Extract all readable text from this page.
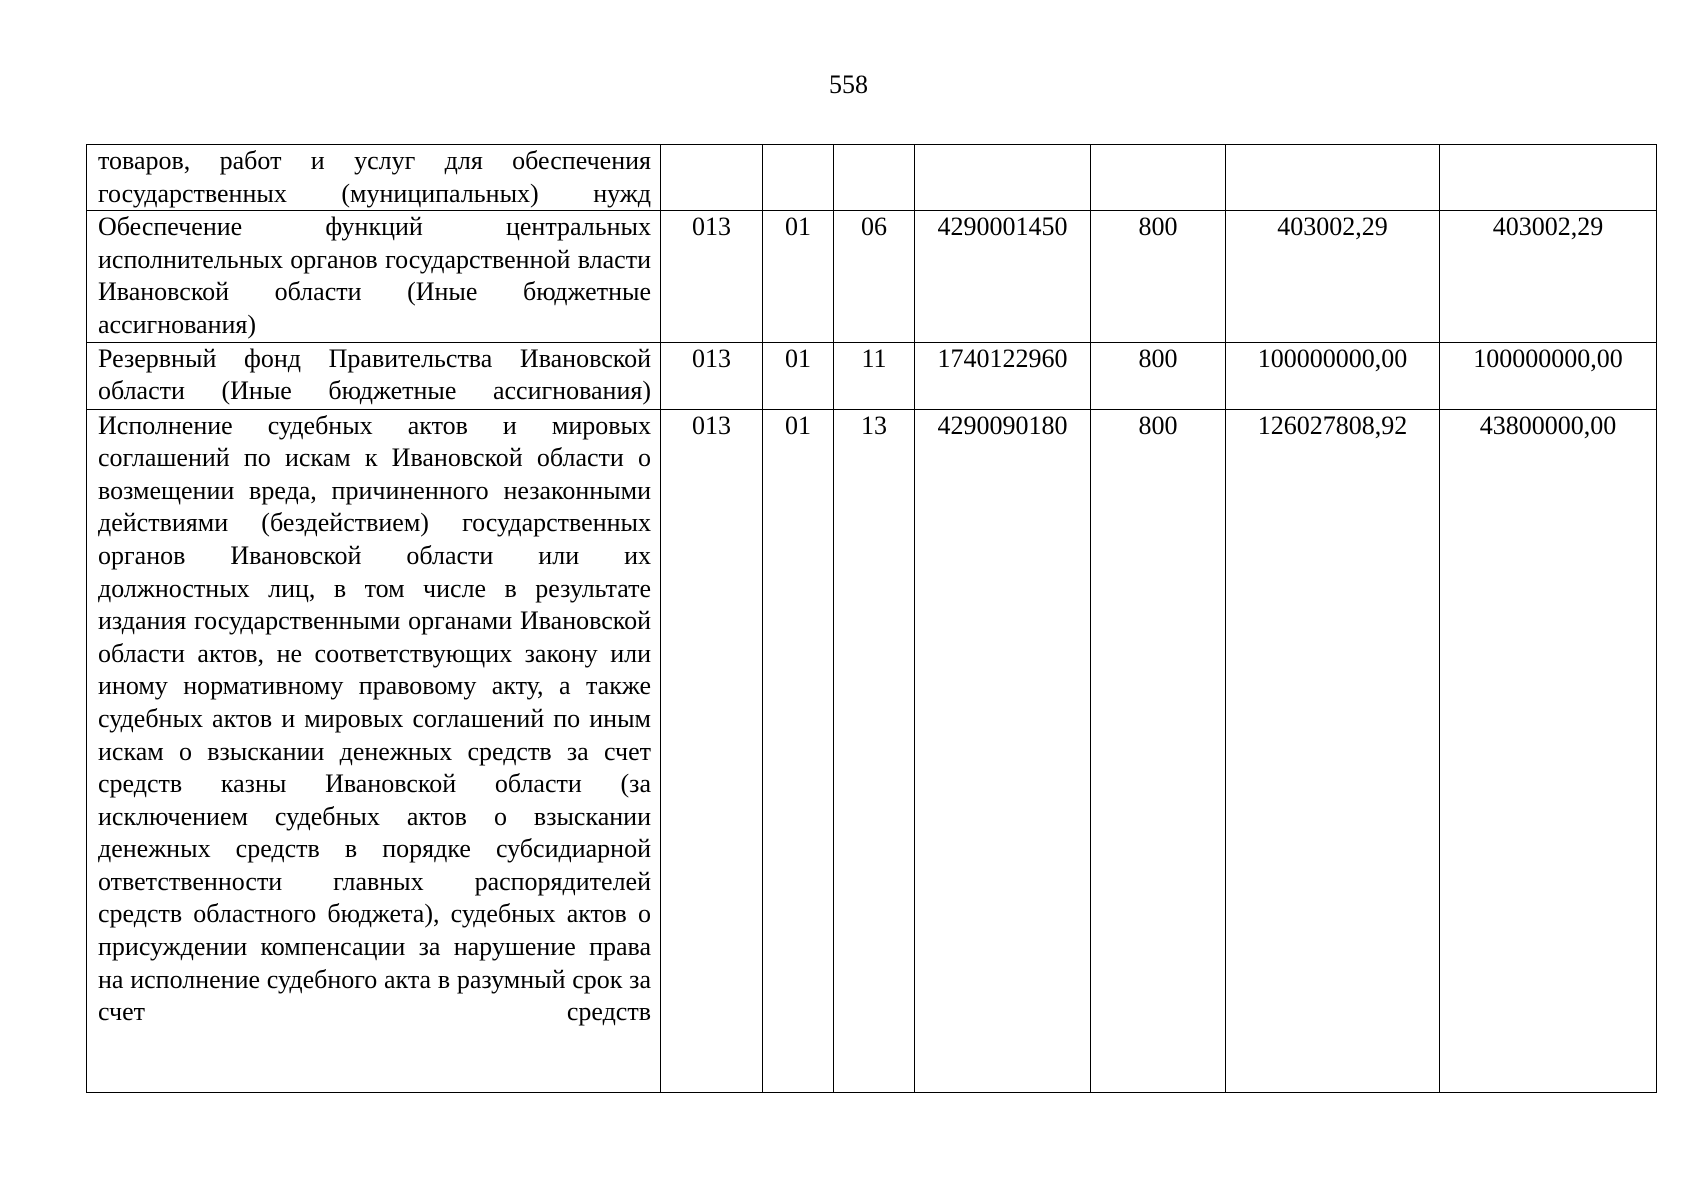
558
товаров, работ и услуг для обеспечения государственных (муниципальных) нужд							
Обеспечение функций центральных исполнительных органов государственной власти Ивановской области (Иные бюджетные ассигнования)	013	01	06	4290001450	800	403002,29	403002,29
Резервный фонд Правительства Ивановской области (Иные бюджетные ассигнования)	013	01	11	1740122960	800	100000000,00	100000000,00
Исполнение судебных актов и мировых соглашений по искам к Ивановской области о возмещении вреда, причиненного незаконными действиями (бездействием) государственных органов Ивановской области или их должностных лиц, в том числе в результате издания государственными органами Ивановской области актов, не соответствующих закону или иному нормативному правовому акту, а также судебных актов и мировых соглашений по иным искам о взыскании денежных средств за счет средств казны Ивановской области (за исключением судебных актов о взыскании денежных средств в порядке субсидиарной ответственности главных распорядителей средств областного бюджета), судебных актов о присуждении компенсации за нарушение права на исполнение судебного акта в разумный срок за счет средств	013	01	13	4290090180	800	126027808,92	43800000,00
